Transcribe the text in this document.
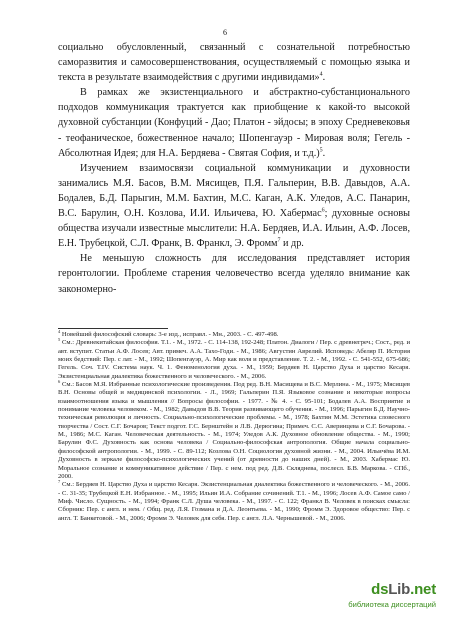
6

социально обусловленный, связанный с сознательной потребностью саморазвития и самосовершенствования, осуществляемый с помощью языка и текста в результате взаимодействия с другими индивидами»$^4$.

В рамках же экзистенциального и абстрактно-субстанционального подходов коммуникация трактуется как приобщение к какой-то высокой духовной субстанции (Конфуций - Дао; Платон - эйдосы; в эпоху Средневековья - теофаническое, божественное начало; Шопенгауэр - Мировая воля; Гегель - Абсолютная Идея; для Н.А. Бердяева - Святая София, и т.д.)$^5$.

Изучением взаимосвязи социальной коммуникации и духовности занимались М.Я. Басов, В.М. Мясищев, П.Я. Гальперин, В.В. Давыдов, А.А. Бодалев, Б.Д. Парыгин, М.М. Бахтин, М.С. Каган, А.К. Уледов, А.С. Панарин, В.С. Барулин, О.Н. Козлова, И.И. Ильичева, Ю. Хабермас$^6$; духовные основы общества изучали известные мыслители: Н.А. Бердяев, И.А. Ильин, А.Ф. Лосев, Е.Н. Трубецкой, С.Л. Франк, В. Франкл, Э. Фромм$^7$ и др.

Не меньшую сложность для исследования представляет история геронтологии. Проблеме старения человечество всегда уделяло внимание как закономерно-

$^4$ Новейший философский словарь: 3-е изд., исправл. - Мн., 2003. - С. 497-498.

$^5$ См.: Древнекитайская философия. Т.1. - М., 1972. - С. 114-138, 192-248; Платон. Диалоги / Пер. с древнегреч.; Сост., ред. и авт. вступит. Статьи А.Ф. Лосев; Авт. примеч. А.А. Тахо-Годи. - М., 1986; Августин Аврелий. Исповедь: Абеляр П. История моих бедствий: Пер. с лат. - М., 1992; Шопенгауэр, А. Мир как воля и представление. Т. 2. - М., 1992. - С. 541-552, 675-686; Гегель. Соч. Т.IV. Система наук. Ч. 1. Феноменология духа. - М., 1959; Бердяев Н. Царство Духа и царство Кесаря. Экзистенциальная диалектика божественного и человеческого. - М., 2006.

$^6$ См.: Басов М.Я. Избранные психологические произведения. Под ред. В.Н. Масищева и В.С. Мерлина. - М., 1975; Мясищев В.Н. Основы общей и медицинской психологии. - Л., 1969; Гальперин П.Я. Языковое сознание и некоторые вопросы взаимоотношения языка и мышления // Вопросы философии. - 1977. - № 4. - С. 95-101; Бодалев А.А. Восприятие и понимание человека человеком. - М., 1982; Давыдов В.В. Теория развивающего обучения. - М., 1996; Парыгин Б.Д. Научно-техническая революция и личность. Социально-психологические проблемы. - М., 1978; Бахтин М.М. Эстетика словесного творчества / Сост. С.Г. Бочаров; Текст подгот. Г.С. Бернштейн и Л.В. Дерюгина; Примеч. С.С. Аверинцева и С.Г. Бочарова. - М., 1986; М.С. Каган. Человеческая деятельность. - М., 1974; Уледов А.К. Духовное обновление общества. - М., 1990; Барулин Ф.С. Духовность как основа человека / Социально-философская антропология. Общие начала социально-философской антропологии. - М., 1999. - С. 89-112; Козлова О.Н. Социология духовной жизни. - М., 2004. Ильичёва И.М. Духовность в зеркале философско-психологических учений (от древности до наших дней). - М., 2003. Хабермас Ю. Моральное сознание и коммуникативное действие / Пер. с нем. под ред. Д.В. Скляднева, послесл. Б.В. Маркова. - СПб., 2000.

$^7$ См.: Бердяев Н. Царство Духа и царство Кесаря. Экзистенциальная диалектика божественного и человеческого. - М., 2006. - С. 31-35; Трубецкой Е.Н. Избранное. - М., 1995; Ильин И.А. Собрание сочинений. Т.1. - М., 1996; Лосев А.Ф. Самое само / Миф. Число. Сущность. - М., 1994; Франк С.Л. Душа человека. - М., 1997. - С. 122; Франкл В. Человек в поисках смысла: Сборник: Пер. с англ. и нем. / Общ. ред. Л.Я. Гозмана и Д.А. Леонтьева. - М., 1990; Фромм Э. Здоровое общество: Пер. с англ. Т. Банкетовой. - М., 2006; Фромм Э. Человек для себя. Пер. с англ. Л.А. Чернышевой. - М., 2006.

dsLib.net
библиотека диссертаций
